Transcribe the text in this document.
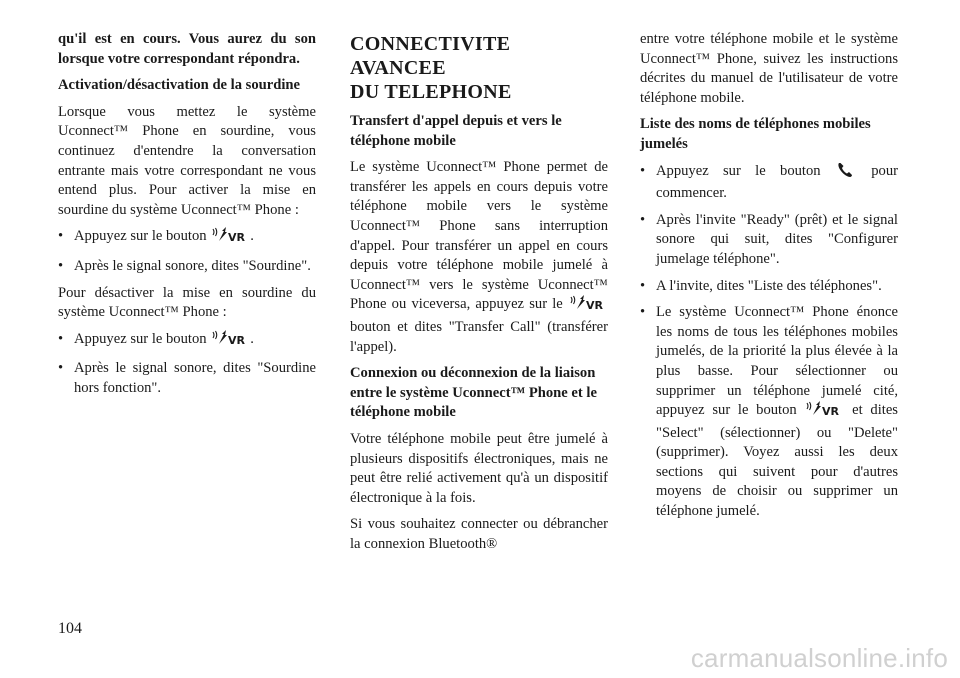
qu'il est en cours. Vous aurez du son lorsque votre correspondant répondra.

Activation/désactivation de la sourdine

Lorsque vous mettez le système Uconnect™ Phone en sourdine, vous continuez d'entendre la conversation entrante mais votre correspondant ne vous entend plus. Pour activer la mise en sourdine du système Uconnect™ Phone :

• Appuyez sur le bouton VR .
• Après le signal sonore, dites "Sourdine".

Pour désactiver la mise en sourdine du système Uconnect™ Phone :

• Appuyez sur le bouton VR .
• Après le signal sonore, dites "Sourdine hors fonction".
CONNECTIVITE AVANCEE
DU TELEPHONE

Transfert d'appel depuis et vers le téléphone mobile

Le système Uconnect™ Phone permet de transférer les appels en cours depuis votre téléphone mobile vers le système Uconnect™ Phone sans interruption d'appel. Pour transférer un appel en cours depuis votre téléphone mobile jumelé à Uconnect™ vers le système Uconnect™ Phone ou viceversa, appuyez sur le VR
bouton et dites "Transfer Call" (transférer l'appel).

Connexion ou déconnexion de la liaison entre le système Uconnect™ Phone et le téléphone mobile

Votre téléphone mobile peut être jumelé à plusieurs dispositifs électroniques, mais ne peut être relié activement qu'à un dispositif électronique à la fois.

Si vous souhaitez connecter ou débrancher la connexion Bluetooth®

entre votre téléphone mobile et le système Uconnect™ Phone, suivez les instructions décrites du manuel de l'utilisateur de votre téléphone mobile.

Liste des noms de téléphones mobiles jumelés

• Appuyez sur le bouton	pour commencer.
• Après l'invite "Ready" (prêt) et le signal sonore qui suit, dites "Configurer jumelage téléphone".
• A l'invite, dites "Liste des téléphones".
• Le système Uconnect™ Phone énonce les noms de tous les téléphones mobiles jumelés, de la priorité la plus élevée à la plus basse. Pour sélectionner ou supprimer un téléphone jumelé cité, appuyez sur le bouton VR et dites "Select" (sélectionner) ou "Delete" (supprimer). Voyez aussi les deux sections qui suivent pour d'autres moyens de choisir ou supprimer un téléphone jumelé.
104
carmanualsonline.info
